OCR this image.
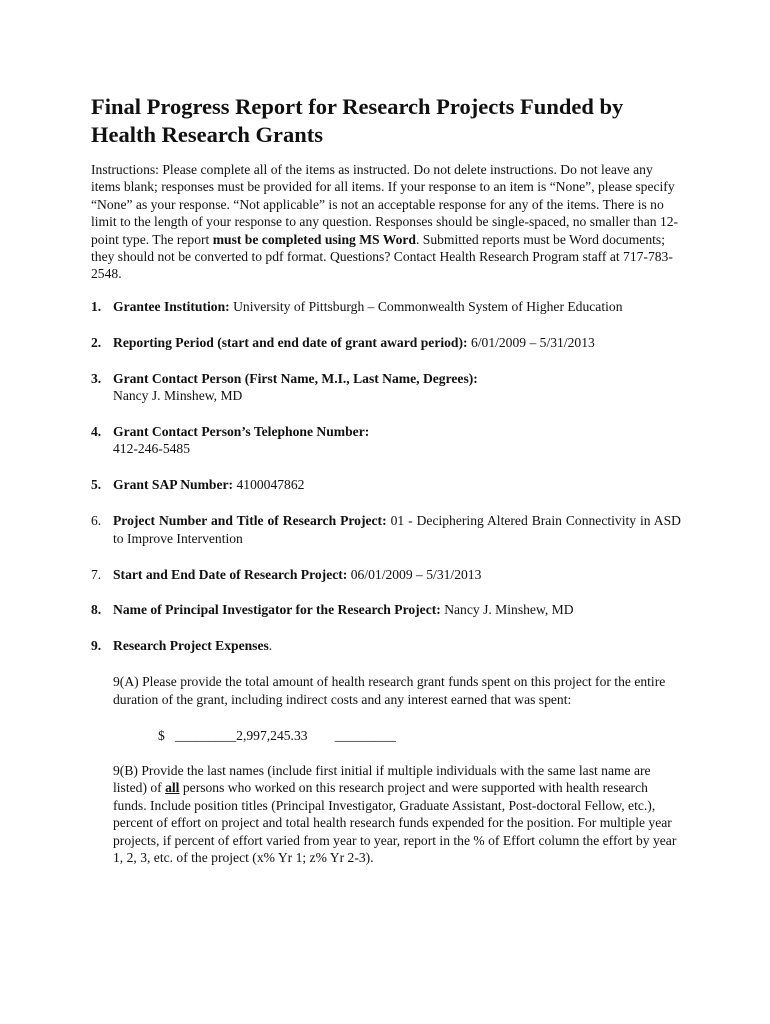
Final Progress Report for Research Projects Funded by Health Research Grants

Instructions: Please complete all of the items as instructed. Do not delete instructions. Do not leave any items blank; responses must be provided for all items. If your response to an item is “None”, please specify “None” as your response. “Not applicable” is not an acceptable response for any of the items. There is no limit to the length of your response to any question. Responses should be single-spaced, no smaller than 12-point type. The report must be completed using MS Word. Submitted reports must be Word documents; they should not be converted to pdf format. Questions? Contact Health Research Program staff at 717-783-2548.

1. Grantee Institution: University of Pittsburgh – Commonwealth System of Higher Education
2. Reporting Period (start and end date of grant award period): 6/01/2009 – 5/31/2013
3. Grant Contact Person (First Name, M.I., Last Name, Degrees):
Nancy J. Minshew, MD
4. Grant Contact Person’s Telephone Number:
412-246-5485
5. Grant SAP Number: 4100047862
6. Project Number and Title of Research Project: 01 - Deciphering Altered Brain Connectivity in ASD to Improve Intervention
7. Start and End Date of Research Project: 06/01/2009 – 5/31/2013
8. Name of Principal Investigator for the Research Project: Nancy J. Minshew, MD
9. Research Project Expenses.

9(A) Please provide the total amount of health research grant funds spent on this project for the entire duration of the grant, including indirect costs and any interest earned that was spent:

$   _________2,997,245.33        _________

9(B) Provide the last names (include first initial if multiple individuals with the same last name are listed) of all persons who worked on this research project and were supported with health research funds. Include position titles (Principal Investigator, Graduate Assistant, Post-doctoral Fellow, etc.), percent of effort on project and total health research funds expended for the position. For multiple year projects, if percent of effort varied from year to year, report in the % of Effort column the effort by year 1, 2, 3, etc. of the project (x% Yr 1; z% Yr 2-3).
